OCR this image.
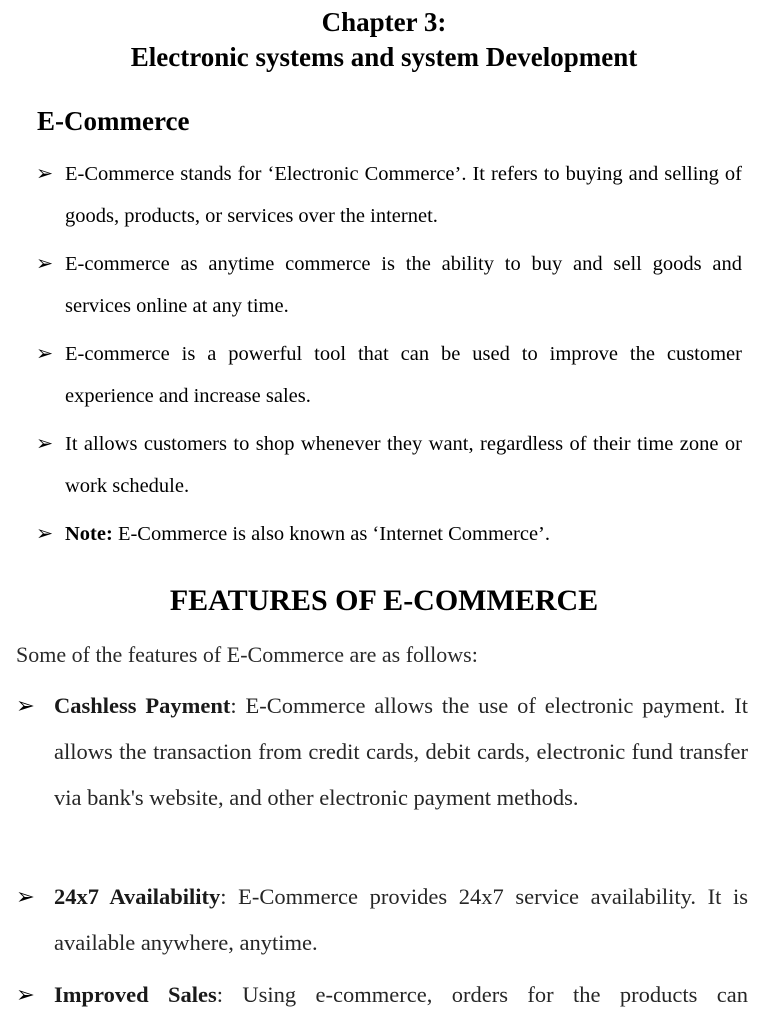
Chapter 3:
Electronic systems and system Development
E-Commerce
➢ E-Commerce stands for ‘Electronic Commerce’. It refers to buying and selling of goods, products, or services over the internet.
➢ E-commerce as anytime commerce is the ability to buy and sell goods and services online at any time.
➢ E-commerce is a powerful tool that can be used to improve the customer experience and increase sales.
➢ It allows customers to shop whenever they want, regardless of their time zone or work schedule.
➢ Note: E-Commerce is also known as ‘Internet Commerce’.
FEATURES OF E-COMMERCE

Some of the features of E-Commerce are as follows:

➢ Cashless Payment: E-Commerce allows the use of electronic payment. It allows the transaction from credit cards, debit cards, electronic fund transfer via bank's website, and other electronic payment methods.
➢ 24x7 Availability: E-Commerce provides 24x7 service availability. It is available anywhere, anytime.
➢ Improved Sales: Using e-commerce, orders for the products can
